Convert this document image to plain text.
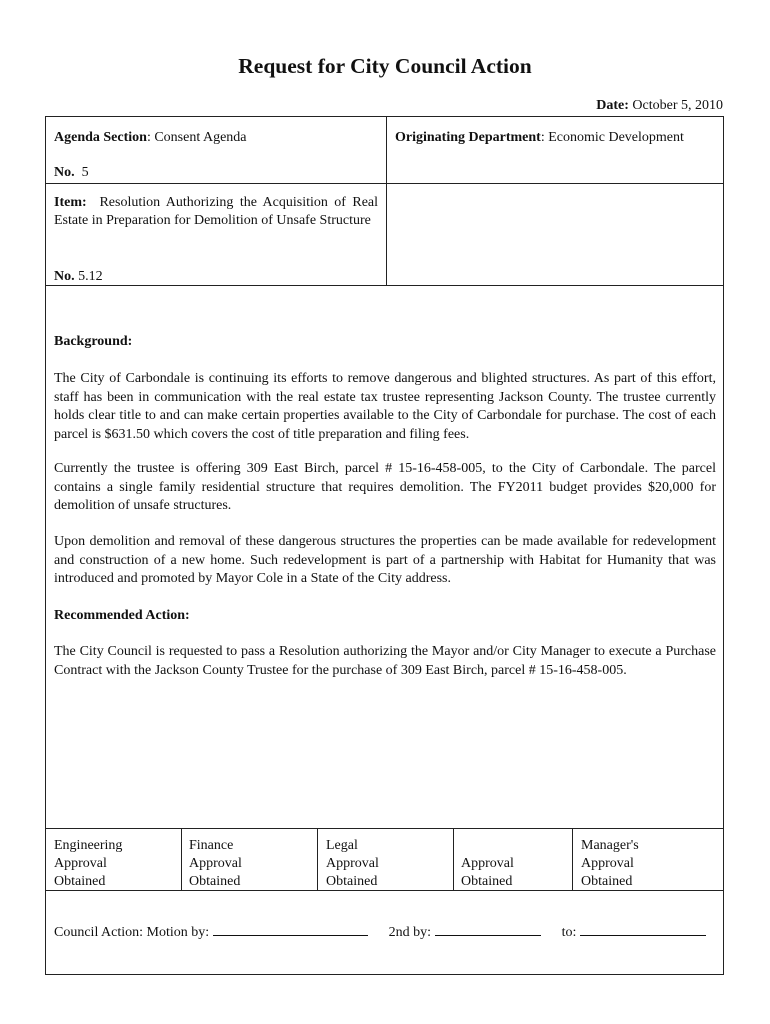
Request for City Council Action
Date: October 5, 2010
Agenda Section: Consent Agenda
No. 5
Originating Department: Economic Development
Item: Resolution Authorizing the Acquisition of Real Estate in Preparation for Demolition of Unsafe Structure
No. 5.12
Background:
The City of Carbondale is continuing its efforts to remove dangerous and blighted structures. As part of this effort, staff has been in communication with the real estate tax trustee representing Jackson County. The trustee currently holds clear title to and can make certain properties available to the City of Carbondale for purchase. The cost of each parcel is $631.50 which covers the cost of title preparation and filing fees.
Currently the trustee is offering 309 East Birch, parcel # 15-16-458-005, to the City of Carbondale. The parcel contains a single family residential structure that requires demolition. The FY2011 budget provides $20,000 for demolition of unsafe structures.
Upon demolition and removal of these dangerous structures the properties can be made available for redevelopment and construction of a new home. Such redevelopment is part of a partnership with Habitat for Humanity that was introduced and promoted by Mayor Cole in a State of the City address.
Recommended Action:
The City Council is requested to pass a Resolution authorizing the Mayor and/or City Manager to execute a Purchase Contract with the Jackson County Trustee for the purchase of 309 East Birch, parcel # 15-16-458-005.
Engineering
Approval
Obtained
Finance
Approval
Obtained
Legal
Approval
Obtained
Approval
Obtained
Manager's
Approval
Obtained
Council Action: Motion by:	2nd by:	to:
